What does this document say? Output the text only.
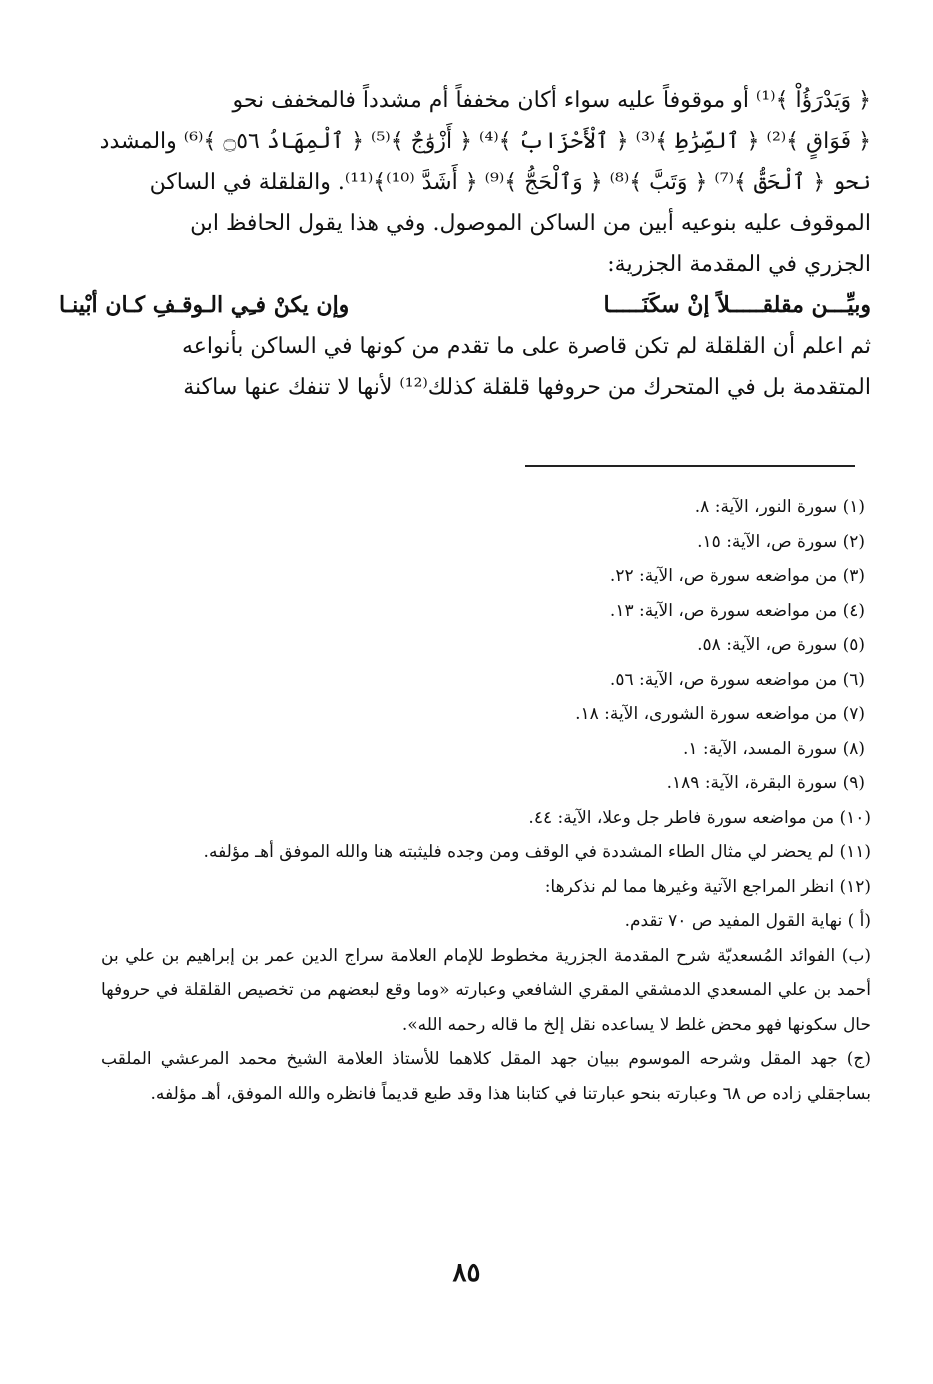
﴿ وَيَدْرَؤُاْ ﴾⁽¹⁾ أو موقوفاً عليه سواء أكان مخففاً أم مشدداً فالمخفف نحو

﴿ فَوَاقٍ ﴾⁽²⁾ ﴿ ٱلصِّرَٰطِ ﴾⁽³⁾ ﴿ ٱلْأَحْزَابُ ﴾⁽⁴⁾ ﴿ أَزْوَٰجٌ ﴾⁽⁵⁾ ﴿ ٱلْمِهَادُ ۝٥٦ ﴾⁽⁶⁾ والمشدد

نحو ﴿ ٱلْحَقُّ ﴾⁽⁷⁾ ﴿ وَتَبَّ ﴾⁽⁸⁾ ﴿ وَٱلْحَجُّ ﴾⁽⁹⁾ ﴿ أَشَدَّ ⁽¹⁰⁾﴾⁽¹¹⁾. والقلقلة في الساكن

الموقوف عليه بنوعيه أبين من الساكن الموصول. وفي هذا يقول الحافظ ابن

الجزري في المقدمة الجزرية:

وبيِّـــن مقلقـــــلاً إنْ سكَنَـــــا
وإن يكنْ فـِي الـوقـفِ كـان أبْينـا

ثم اعلم أن القلقلة لم تكن قاصرة على ما تقدم من كونها في الساكن بأنواعه

المتقدمة بل في المتحرك من حروفها قلقلة كذلك⁽¹²⁾ لأنها لا تنفك عنها ساكنة

(١) سورة النور، الآية: ٨.
(٢) سورة ص، الآية: ١٥.
(٣) من مواضعه سورة ص، الآية: ٢٢.
(٤) من مواضعه سورة ص، الآية: ١٣.
(٥) سورة ص، الآية: ٥٨.
(٦) من مواضعه سورة ص، الآية: ٥٦.
(٧) من مواضعه سورة الشورى، الآية: ١٨.
(٨) سورة المسد، الآية: ١.
(٩) سورة البقرة، الآية: ١٨٩.
(١٠) من مواضعه سورة فاطر جل وعلا، الآية: ٤٤.
(١١) لم يحضر لي مثال الطاء المشددة في الوقف ومن وجده فليثبته هنا والله الموفق أهـ مؤلفه.
(١٢) انظر المراجع الآتية وغيرها مما لم نذكرها:

(أ ) نهاية القول المفيد ص ٧٠ تقدم.

(ب) الفوائد المُسعديّة شرح المقدمة الجزرية مخطوط للإمام العلامة سراج الدين عمر بن إبراهيم بن علي بن أحمد بن علي المسعدي الدمشقي المقري الشافعي وعبارته «وما وقع لبعضهم من تخصيص القلقلة في حروفها حال سكونها فهو محض غلط لا يساعده نقل إلخ ما قاله رحمه الله».

(ج) جهد المقل وشرحه الموسوم ببيان جهد المقل كلاهما للأستاذ العلامة الشيخ محمد المرعشي الملقب بساجقلي زاده ص ٦٨ وعبارته بنحو عبارتنا في كتابنا هذا وقد طبع قديماً فانظره والله الموفق، أهـ مؤلفه.

٨٥
